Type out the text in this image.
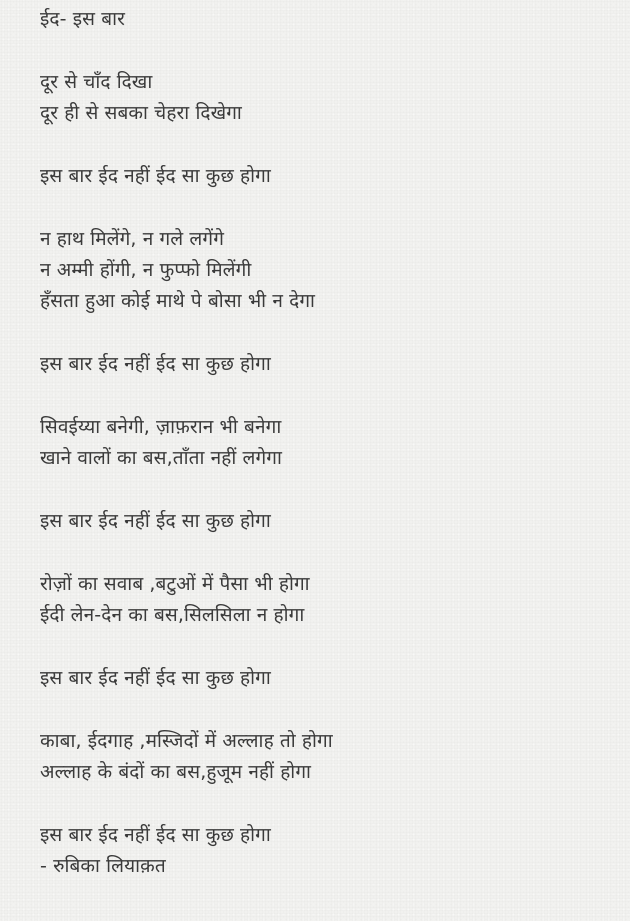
ईद- इस बार
दूर से चाँद दिखा
दूर ही से सबका चेहरा दिखेगा
इस बार ईद नहीं ईद सा कुछ होगा
न हाथ मिलेंगे, न गले लगेंगे
न अम्मी होंगी, न फुप्फो मिलेंगी
हँसता हुआ कोई माथे पे बोसा भी न देगा
इस बार ईद नहीं ईद सा कुछ होगा
सिवईय्या बनेगी, ज़ाफ़रान भी बनेगा
खाने वालों का बस,ताँता नहीं लगेगा
इस बार ईद नहीं ईद सा कुछ होगा
रोज़ों का सवाब ,बटुओं में पैसा भी होगा
ईदी लेन-देन का बस,सिलसिला न होगा
इस बार ईद नहीं ईद सा कुछ होगा
काबा, ईदगाह ,मस्जिदों में अल्लाह तो होगा
अल्लाह के बंदों का बस,हुजूम नहीं होगा
इस बार ईद नहीं ईद सा कुछ होगा
- रुबिका लियाक़त
